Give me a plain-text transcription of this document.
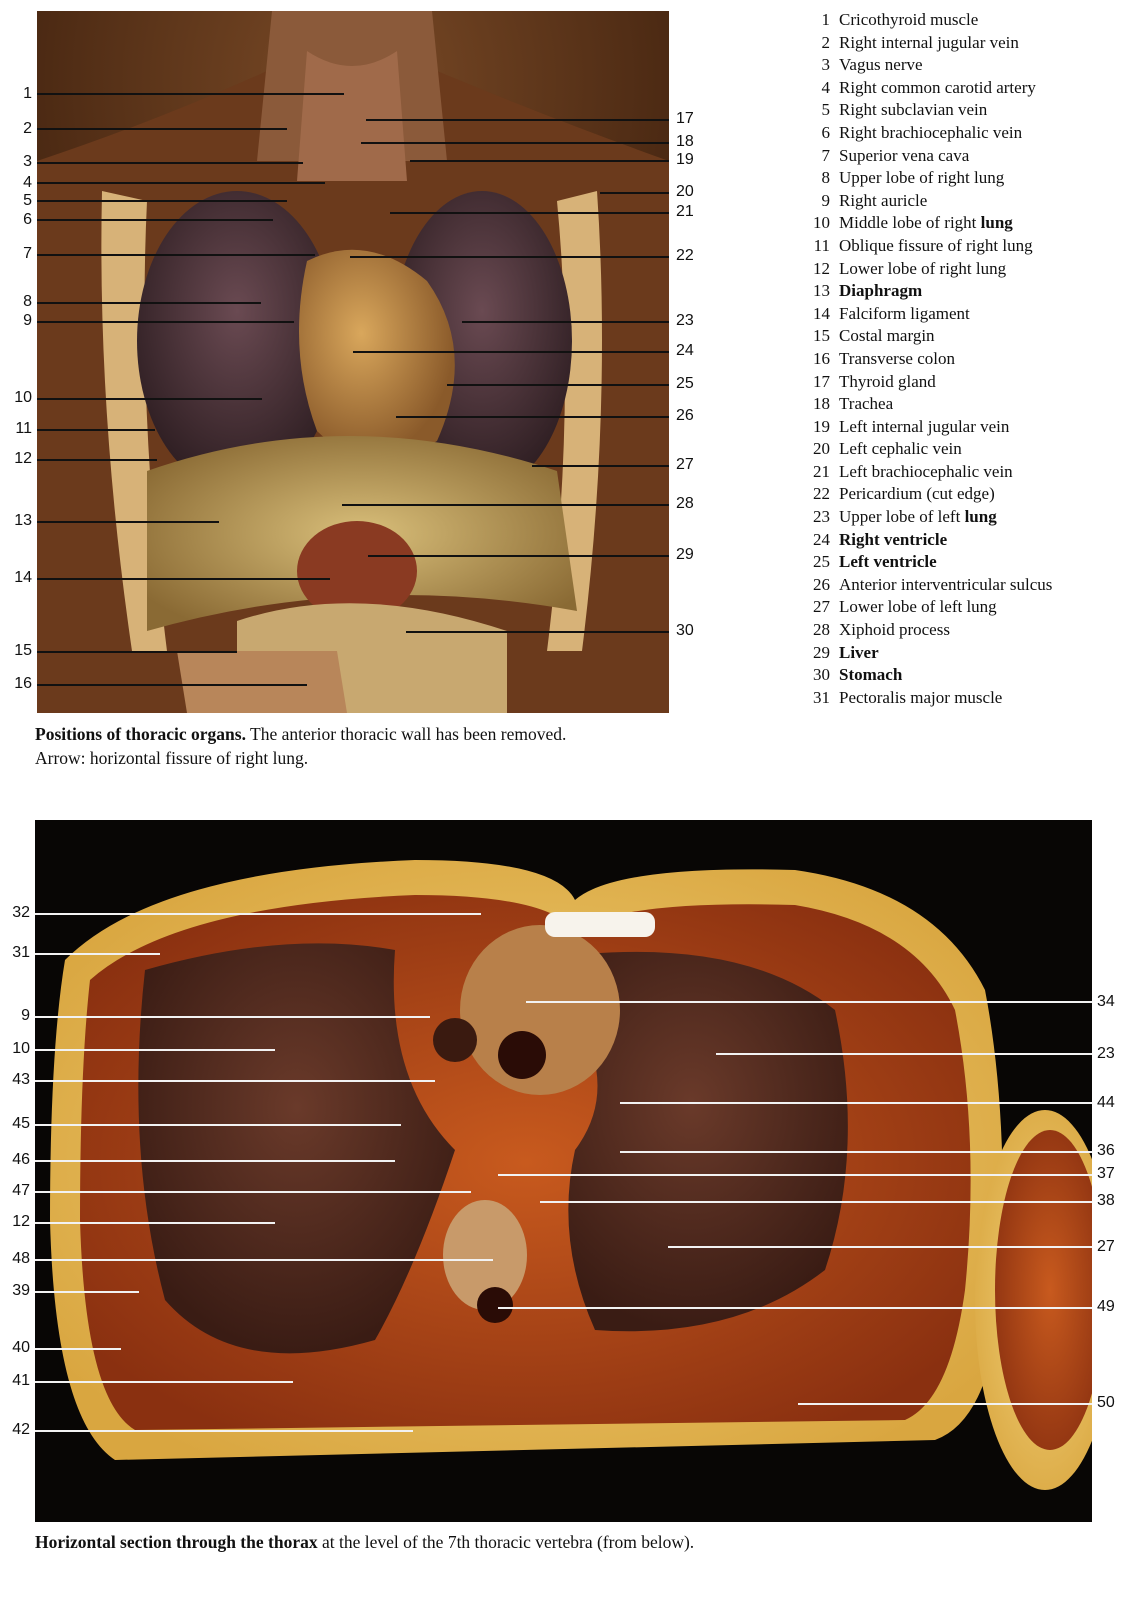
1
2
3
4
5
6
7
8
9
10
11
12
13
14
15
16
17
18
19
20
21
22
23
24
25
26
27
28
29
30
1 Cricothyroid muscle
2 Right internal jugular vein
3 Vagus nerve
4 Right common carotid artery
5 Right subclavian vein
6 Right brachiocephalic vein
7 Superior vena cava
8 Upper lobe of right lung
9 Right auricle
10 Middle lobe of right lung
11 Oblique fissure of right lung
12 Lower lobe of right lung
13 Diaphragm
14 Falciform ligament
15 Costal margin
16 Transverse colon
17 Thyroid gland
18 Trachea
19 Left internal jugular vein
20 Left cephalic vein
21 Left brachiocephalic vein
22 Pericardium (cut edge)
23 Upper lobe of left lung
24 Right ventricle
25 Left ventricle
26 Anterior interventricular sulcus
27 Lower lobe of left lung
28 Xiphoid process
29 Liver
30 Stomach
31 Pectoralis major muscle
Positions of thoracic organs. The anterior thoracic wall has been removed.
Arrow: horizontal fissure of right lung.
32
31
9
10
43
45
46
47
12
48
39
40
41
42
34
23
44
36
37
38
27
49
50
Horizontal section through the thorax at the level of the 7th thoracic vertebra (from below).
